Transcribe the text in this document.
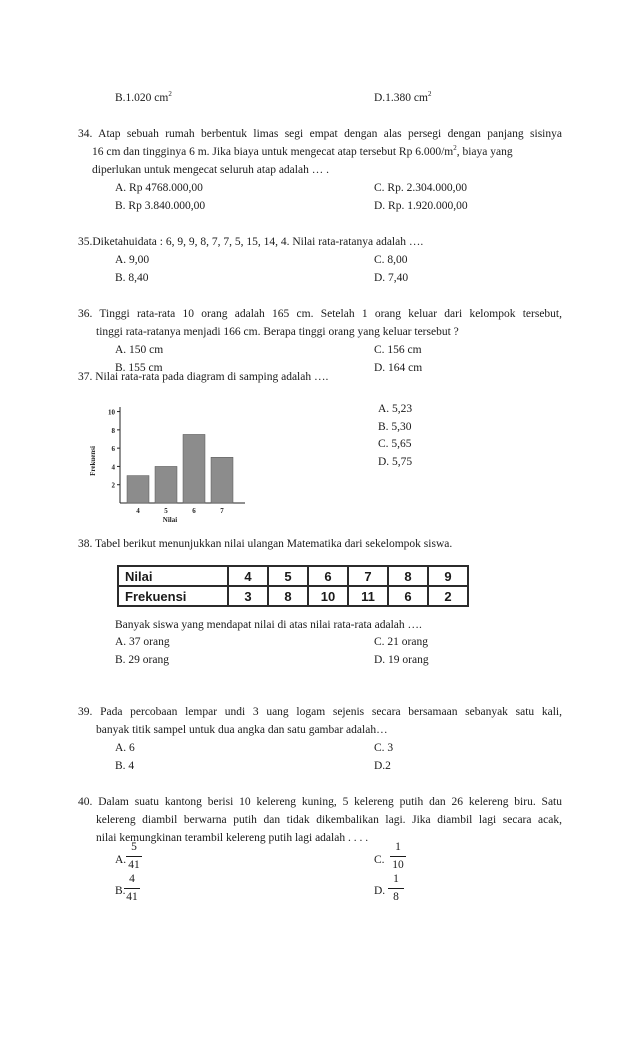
B.1.020 $cm^2$	D.1.380 $cm^2$
34. Atap sebuah rumah berbentuk limas segi empat dengan alas persegi dengan panjang sisinya
16 cm dan tingginya 6 m. Jika biaya untuk mengecat atap tersebut Rp $6.000/m^2$, biaya yang
diperlukan untuk mengecat seluruh atap adalah … .
A. Rp 4768.000,00	C. Rp. 2.304.000,00
B. Rp 3.840.000,00	D. Rp. 1.920.000,00
35.Diketahuidata : 6, 9, 9, 8, 7, 7, 5, 15, 14, 4. Nilai rata-ratanya adalah ….
A. 9,00	C. 8,00
B. 8,40	D. 7,40
36. Tinggi rata-rata 10 orang adalah 165 cm. Setelah 1 orang keluar dari kelompok tersebut,
tinggi rata-ratanya menjadi 166 cm. Berapa tinggi orang yang keluar tersebut ?
A. 150 cm	C. 156 cm
B. 155 cm	D. 164 cm
37. Nilai rata-rata pada diagram di samping adalah ….
A. 5,23
B. 5,30
C. 5,65
D. 5,75
2
4
6
8
10
4	5	6	7
Nilai
Frekuensi
38. Tabel berikut menunjukkan nilai ulangan Matematika dari sekelompok siswa.
Nilai	4	5	6	7	8	9
Frekuensi	3	8	10	11	6	2
Banyak siswa yang mendapat nilai di atas nilai rata-rata adalah ….
A. 37 orang	C. 21 orang
B. 29 orang	D. 19 orang
39. Pada percobaan lempar undi 3 uang logam sejenis secara bersamaan sebanyak satu kali,
banyak titik sampel untuk dua angka dan satu gambar adalah…
A. 6	C. 3
B. 4	D.2
40. Dalam suatu kantong berisi 10 kelereng kuning, 5 kelereng putih dan 26 kelereng biru. Satu
kelereng diambil berwarna putih dan tidak dikembalikan lagi. Jika diambil lagi secara acak,
nilai kemungkinan terambil kelereng putih lagi adalah . . . .
A.
5
41	C.
1
10
B.
4
41	D.
1
8
